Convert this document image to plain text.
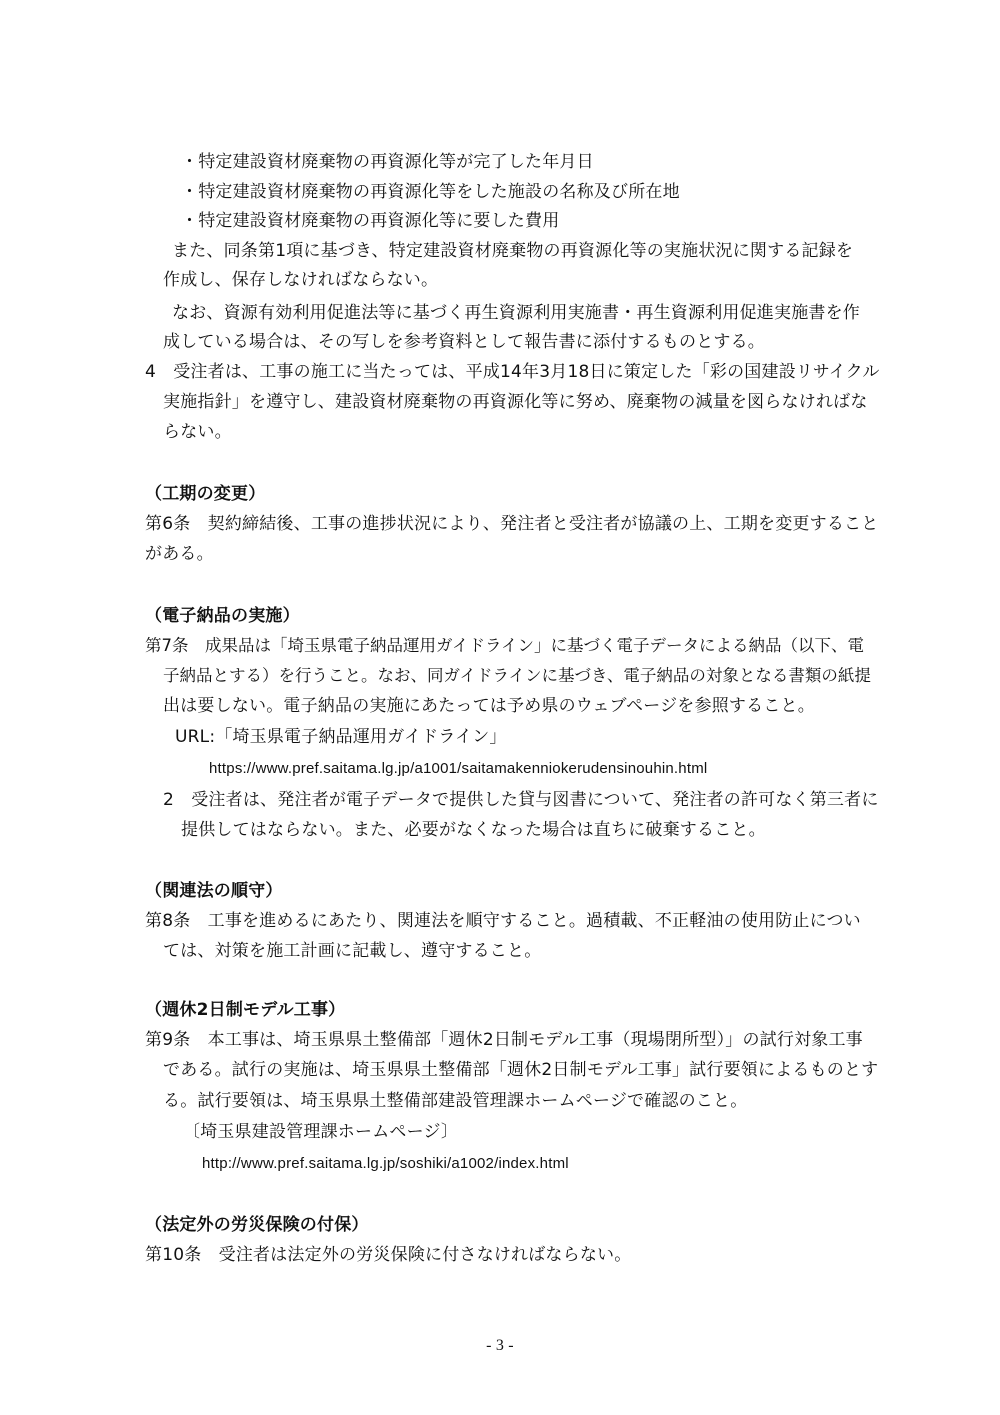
・特定建設資材廃棄物の再資源化等が完了した年月日
・特定建設資材廃棄物の再資源化等をした施設の名称及び所在地
・特定建設資材廃棄物の再資源化等に要した費用
また、同条第1項に基づき、特定建設資材廃棄物の再資源化等の実施状況に関する記録を
作成し、保存しなければならない。
なお、資源有効利用促進法等に基づく再生資源利用実施書・再生資源利用促進実施書を作
成している場合は、その写しを参考資料として報告書に添付するものとする。
4　受注者は、工事の施工に当たっては、平成14年3月18日に策定した「彩の国建設リサイクル
実施指針」を遵守し、建設資材廃棄物の再資源化等に努め、廃棄物の減量を図らなければな
らない。
（工期の変更）
第6条　契約締結後、工事の進捗状況により、発注者と受注者が協議の上、工期を変更すること
がある。
（電子納品の実施）
第7条　成果品は「埼玉県電子納品運用ガイドライン」に基づく電子データによる納品（以下、電
子納品とする）を行うこと。なお、同ガイドラインに基づき、電子納品の対象となる書類の紙提
出は要しない。電子納品の実施にあたっては予め県のウェブページを参照すること。
URL:「埼玉県電子納品運用ガイドライン」
https://www.pref.saitama.lg.jp/a1001/saitamakenniokerudensinouhin.html
2　受注者は、発注者が電子データで提供した貸与図書について、発注者の許可なく第三者に
提供してはならない。また、必要がなくなった場合は直ちに破棄すること。
（関連法の順守）
第8条　工事を進めるにあたり、関連法を順守すること。過積載、不正軽油の使用防止につい
ては、対策を施工計画に記載し、遵守すること。
（週休2日制モデル工事）
第9条　本工事は、埼玉県県土整備部「週休2日制モデル工事（現場閉所型）」の試行対象工事
である。試行の実施は、埼玉県県土整備部「週休2日制モデル工事」試行要領によるものとす
る。試行要領は、埼玉県県土整備部建設管理課ホームページで確認のこと。
〔埼玉県建設管理課ホームページ〕
http://www.pref.saitama.lg.jp/soshiki/a1002/index.html
（法定外の労災保険の付保）
第10条　受注者は法定外の労災保険に付さなければならない。
- 3 -
